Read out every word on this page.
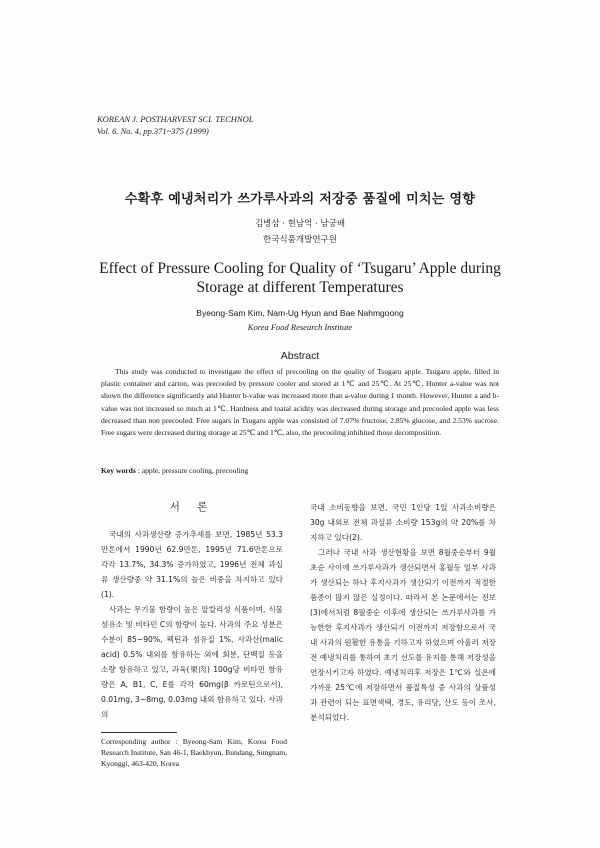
KOREAN J. POSTHARVEST SCI. TECHNOL
Vol. 6. No. 4, pp.371~375 (1999)
수확후 예냉처리가 쓰가루사과의 저장중 품질에 미치는 영향
김병삼 · 현남억 · 남궁배
한국식품개발연구원
Effect of Pressure Cooling for Quality of ‘Tsugaru’ Apple during
Storage at different Temperatures
Byeong-Sam Kim, Nam-Ug Hyun and Bae Nahmgoong
Korea Food Research Institute
Abstract

This study was conducted to investigate the effect of precooling on the quality of Tsugaru apple. Tsugaru apple, filled in plastic container and carton, was precooled by pressure cooler and stored at 1℃ and 25℃. At 25℃, Hunter a-value was not shown the difference significantly and Hunter b-value was increased more than a-value during 1 month. However, Hunter a and b-value was not increased so much at 1℃. Hardness and toatal acidity was decreased during storage and precooled apple was less decreased than non precooled. Free sugars in Tsugaru apple was consisted of 7.07% fructose, 2.85% glucose, and 2.53% sucrose. Free sugars were decreased during storage at 25℃ and 1℃, also, the precooling inhibited those decomposition.

Key words : apple, pressure cooling, precooling
서 론

국내의 사과생산량 증가추세를 보면, 1985년 53.3만톤에서 1990년 62.9만톤, 1995년 71.6만톤으로 각각 13.7%, 34.3% 증가하였고, 1996년 전체 과실류 생산량중 약 31.1%의 높은 비중을 차지하고 있다(1).

사과는 무기물 함량이 높은 알칼리성 식품이며, 식물 섬유소 및 비타민 C의 함량이 높다. 사과의 주요 성분은 수분이 85~90%, 펙틴과 섬유질 1%, 사과산(malic acid) 0.5% 내외를 함유하는 외에 회분, 단백질 등을 소량 함유하고 있고, 과육(果肉) 100g당 비타민 함유량은 A, B1, C, E를 각각 60mg(β 카로틴으로서), 0.01mg, 3~8mg, 0.03mg 내외 함유하고 있다. 사과의

국내 소비동향을 보면, 국민 1인당 1일 사과소비량은 30g 내외로 전체 과실류 소비량 153g의 약 20%를 차지하고 있다(2).

그러나 국내 사과 생산현황을 보면 8월중순부터 9월초순 사이에 쓰가루사과가 생산되면서 홍월등 일부 사과가 생산되는 하나 후지사과가 생산되기 이전까지 적절한 품종이 많지 않은 실정이다. 따라서 본 논문에서는 전보(3)에서처럼 8월중순 이후에 생산되는 쓰가루사과를 가능한한 후지사과가 생산되기 이전까지 저장함으로서 국내 사과의 원활한 유통을 기하고자 하였으며 아울러 저장전 예냉처리를 통하여 초기 선도를 유지를 통해 저장성을 연장시키고자 하였다. 예냉처리후 저장은 1℃와 실온에 가까운 25℃에 저장하면서 품질특성 중 사과의 상품성과 관련이 되는 표면색택, 경도, 유리당, 산도 등이 조사, 분석되었다.

Corresponding author : Byeong-Sam Kim, Korea Food Research Institute, San 46-1, Baekhyun, Bundang, Sungnam, Kyonggi, 463-420, Korea
